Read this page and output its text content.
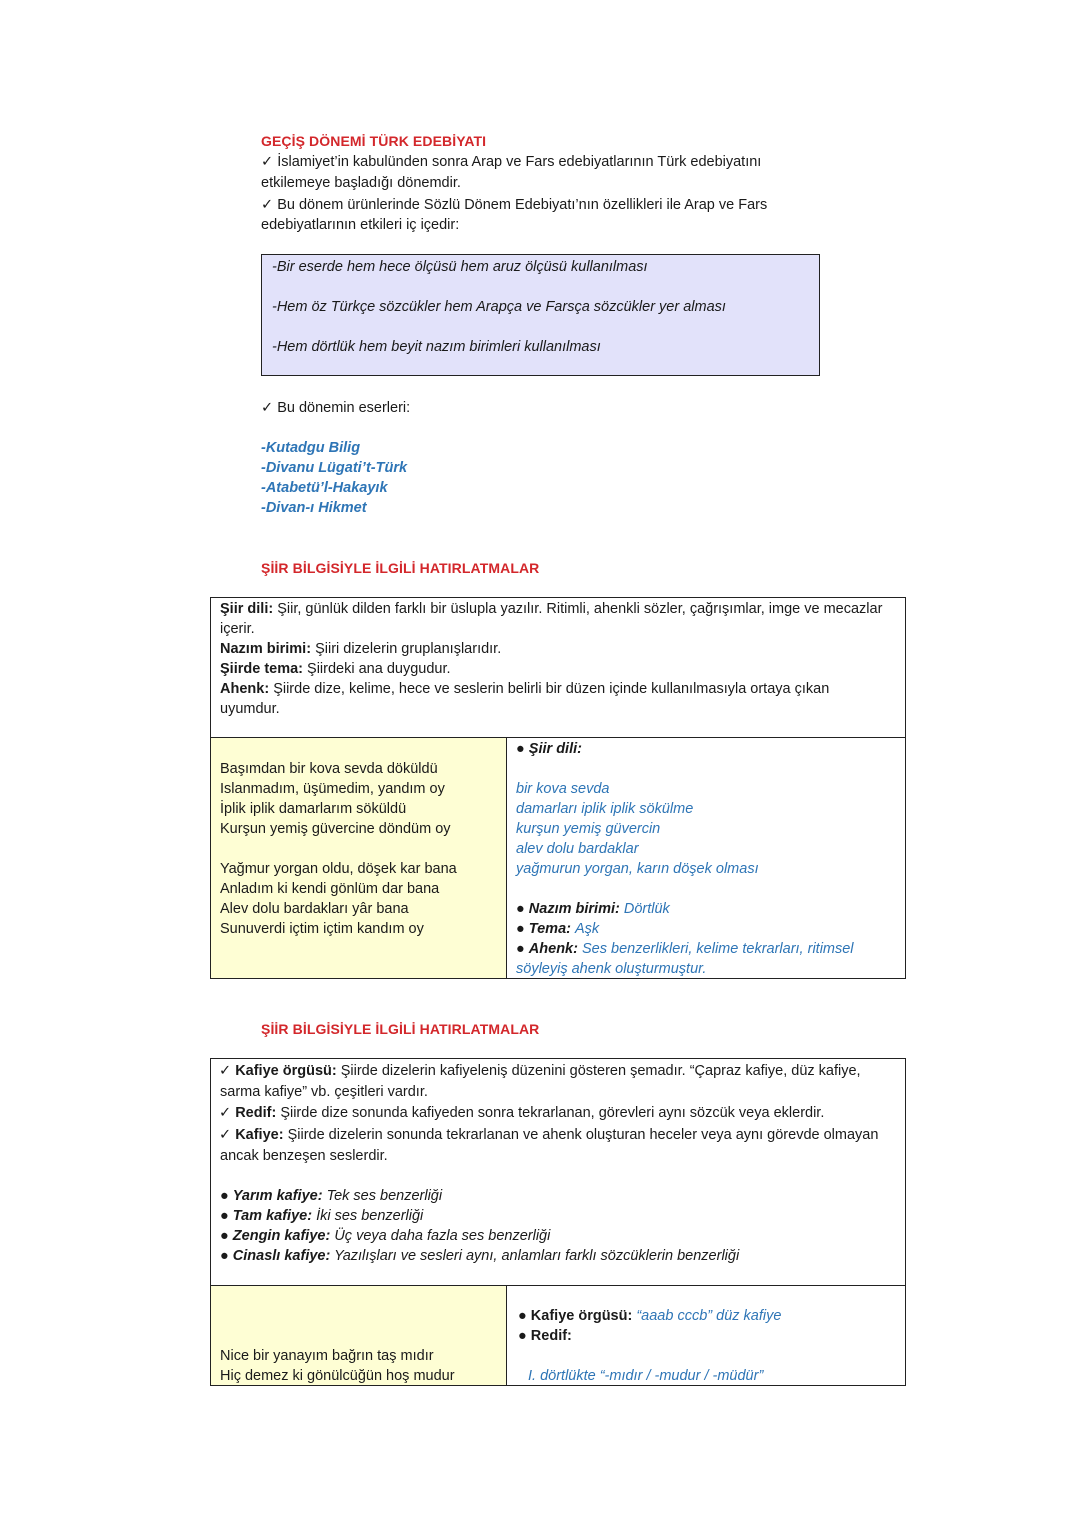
GEÇİŞ DÖNEMİ TÜRK EDEBİYATI
✓ İslamiyet’in kabulünden sonra Arap ve Fars edebiyatlarının Türk edebiyatını
etkilemeye başladığı dönemdir.
✓ Bu dönem ürünlerinde Sözlü Dönem Edebiyatı’nın özellikleri ile Arap ve Fars
edebiyatlarının etkileri iç içedir:
-Bir eserde hem hece ölçüsü hem aruz ölçüsü kullanılması
-Hem öz Türkçe sözcükler hem Arapça ve Farsça sözcükler yer alması
-Hem dörtlük hem beyit nazım birimleri kullanılması
✓ Bu dönemin eserleri:
-Kutadgu Bilig
-Divanu Lügati’t-Türk
-Atabetü’l-Hakayık
-Divan-ı Hikmet
ŞİİR BİLGİSİYLE İLGİLİ HATIRLATMALAR
Şiir dili: Şiir, günlük dilden farklı bir üslupla yazılır. Ritimli, ahenkli sözler, çağrışımlar, imge ve mecazlar
içerir.
Nazım birimi: Şiiri dizelerin gruplanışlarıdır.
Şiirde tema: Şiirdeki ana duygudur.
Ahenk: Şiirde dize, kelime, hece ve seslerin belirli bir düzen içinde kullanılmasıyla ortaya çıkan
uyumdur.
Başımdan bir kova sevda döküldü
Islanmadım, üşümedim, yandım oy
İplik iplik damarlarım söküldü
Kurşun yemiş güvercine döndüm oy
Yağmur yorgan oldu, döşek kar bana
Anladım ki kendi gönlüm dar bana
Alev dolu bardakları yâr bana
Sunuverdi içtim içtim kandım oy
● Şiir dili:
bir kova sevda
damarları iplik iplik sökülme
kurşun yemiş güvercin
alev dolu bardaklar
yağmurun yorgan, karın döşek olması
● Nazım birimi: Dörtlük
● Tema: Aşk
● Ahenk: Ses benzerlikleri, kelime tekrarları, ritimsel
söyleyiş ahenk oluşturmuştur.
ŞİİR BİLGİSİYLE İLGİLİ HATIRLATMALAR
✓ Kafiye örgüsü: Şiirde dizelerin kafiyeleniş düzenini gösteren şemadır. “Çapraz kafiye, düz kafiye,
sarma kafiye” vb. çeşitleri vardır.
✓ Redif: Şiirde dize sonunda kafiyeden sonra tekrarlanan, görevleri aynı sözcük veya eklerdir.
✓ Kafiye: Şiirde dizelerin sonunda tekrarlanan ve ahenk oluşturan heceler veya aynı görevde olmayan
ancak benzeşen seslerdir.
● Yarım kafiye: Tek ses benzerliği
● Tam kafiye: İki ses benzerliği
● Zengin kafiye: Üç veya daha fazla ses benzerliği
● Cinaslı kafiye: Yazılışları ve sesleri aynı, anlamları farklı sözcüklerin benzerliği
Nice bir yanayım bağrın taş mıdır
Hiç demez ki gönülcüğün hoş mudur
● Kafiye örgüsü: “aaab cccb” düz kafiye
● Redif:
I. dörtlükte “-mıdır / -mudur / -müdür”
